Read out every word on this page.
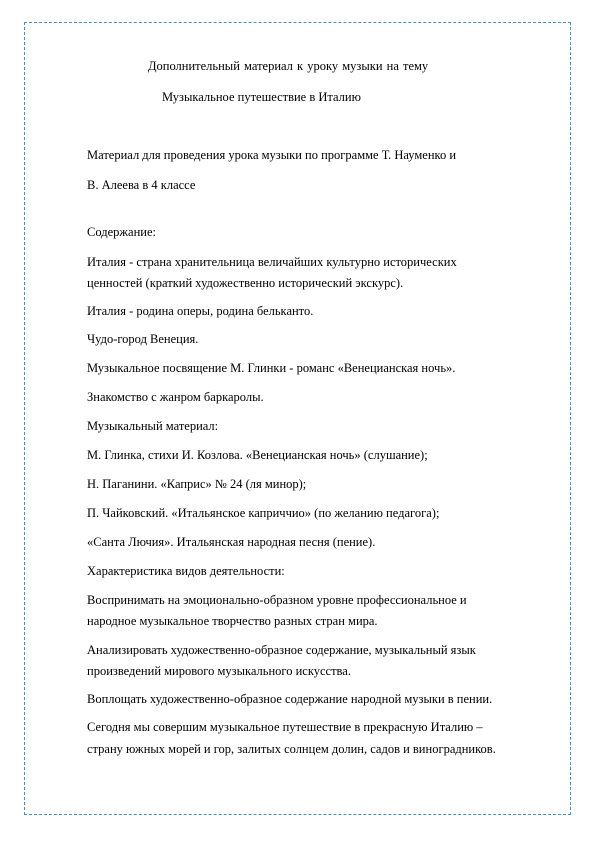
Дополнительный материал к уроку музыки на тему
Музыкальное путешествие в Италию
Материал для проведения урока музыки по программе Т. Науменко и
В. Алеева в 4 классе
Содержание:
Италия - страна хранительница величайших культурно исторических
ценностей (краткий художественно исторический экскурс).
Италия - родина оперы, родина бельканто.
Чудо-город Венеция.
Музыкальное посвящение М. Глинки - романс «Венецианская ночь».
Знакомство с жанром баркаролы.
Музыкальный материал:
М. Глинка, стихи И. Козлова. «Венецианская ночь» (слушание);
Н. Паганини. «Каприс» № 24 (ля минор);
П. Чайковский. «Итальянское каприччио» (по желанию педагога);
«Санта Лючия». Итальянская народная песня (пение).
Характеристика видов деятельности:
Воспринимать на эмоционально-образном уровне профессиональное и
народное музыкальное творчество разных стран мира.
Анализировать художественно-образное содержание, музыкальный язык
произведений мирового музыкального искусства.
Воплощать художественно-образное содержание народной музыки в пении.
Сегодня мы совершим музыкальное путешествие в прекрасную Италию –
страну южных морей и гор, залитых солнцем долин, садов и виноградников.
